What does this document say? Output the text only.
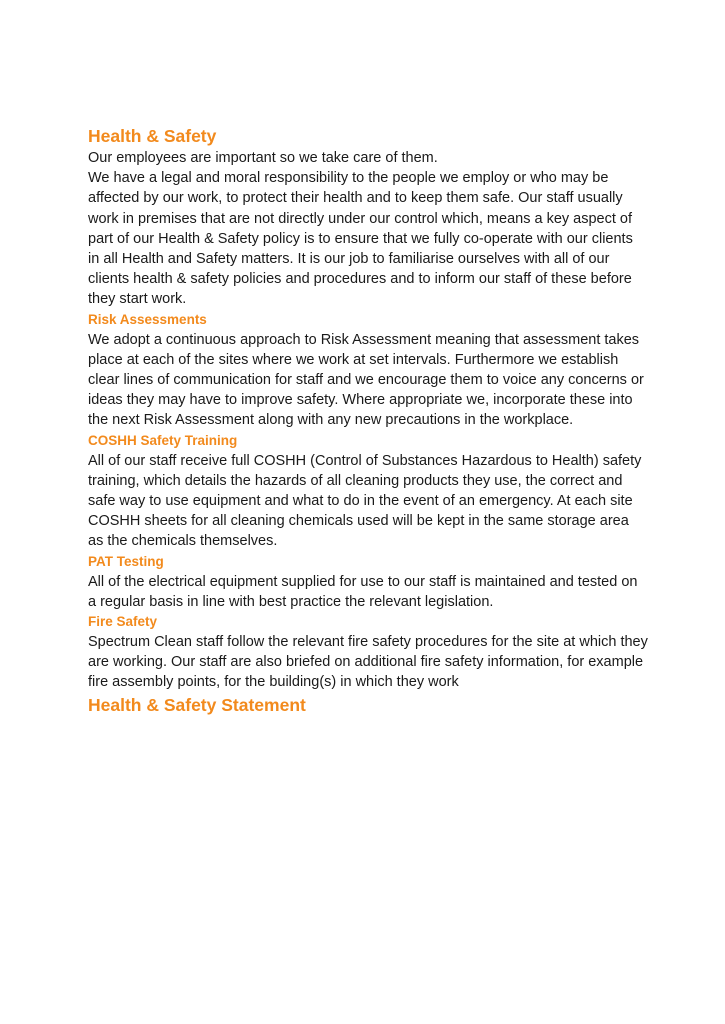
Health & Safety

Our employees are important so we take care of them.

We have a legal and moral responsibility to the people we employ or who may be affected by our work, to protect their health and to keep them safe. Our staff usually work in premises that are not directly under our control which, means a key aspect of part of our Health & Safety policy is to ensure that we fully co-operate with our clients in all Health and Safety matters. It is our job to familiarise ourselves with all of our clients health & safety policies and procedures and to inform our staff of these before they start work.

Risk Assessments

We adopt a continuous approach to Risk Assessment meaning that assessment takes place at each of the sites where we work at set intervals. Furthermore we establish clear lines of communication for staff and we encourage them to voice any concerns or ideas they may have to improve safety. Where appropriate we, incorporate these into the next Risk Assessment along with any new precautions in the workplace.

COSHH Safety Training

All of our staff receive full COSHH (Control of Substances Hazardous to Health) safety training, which details the hazards of all cleaning products they use, the correct and safe way to use equipment and what to do in the event of an emergency. At each site COSHH sheets for all cleaning chemicals used will be kept in the same storage area as the chemicals themselves.

PAT Testing

All of the electrical equipment supplied for use to our staff is maintained and tested on a regular basis in line with best practice the relevant legislation.

Fire Safety

Spectrum Clean staff follow the relevant fire safety procedures for the site at which they are working. Our staff are also briefed on additional fire safety information, for example fire assembly points, for the building(s) in which they work

Health & Safety Statement
